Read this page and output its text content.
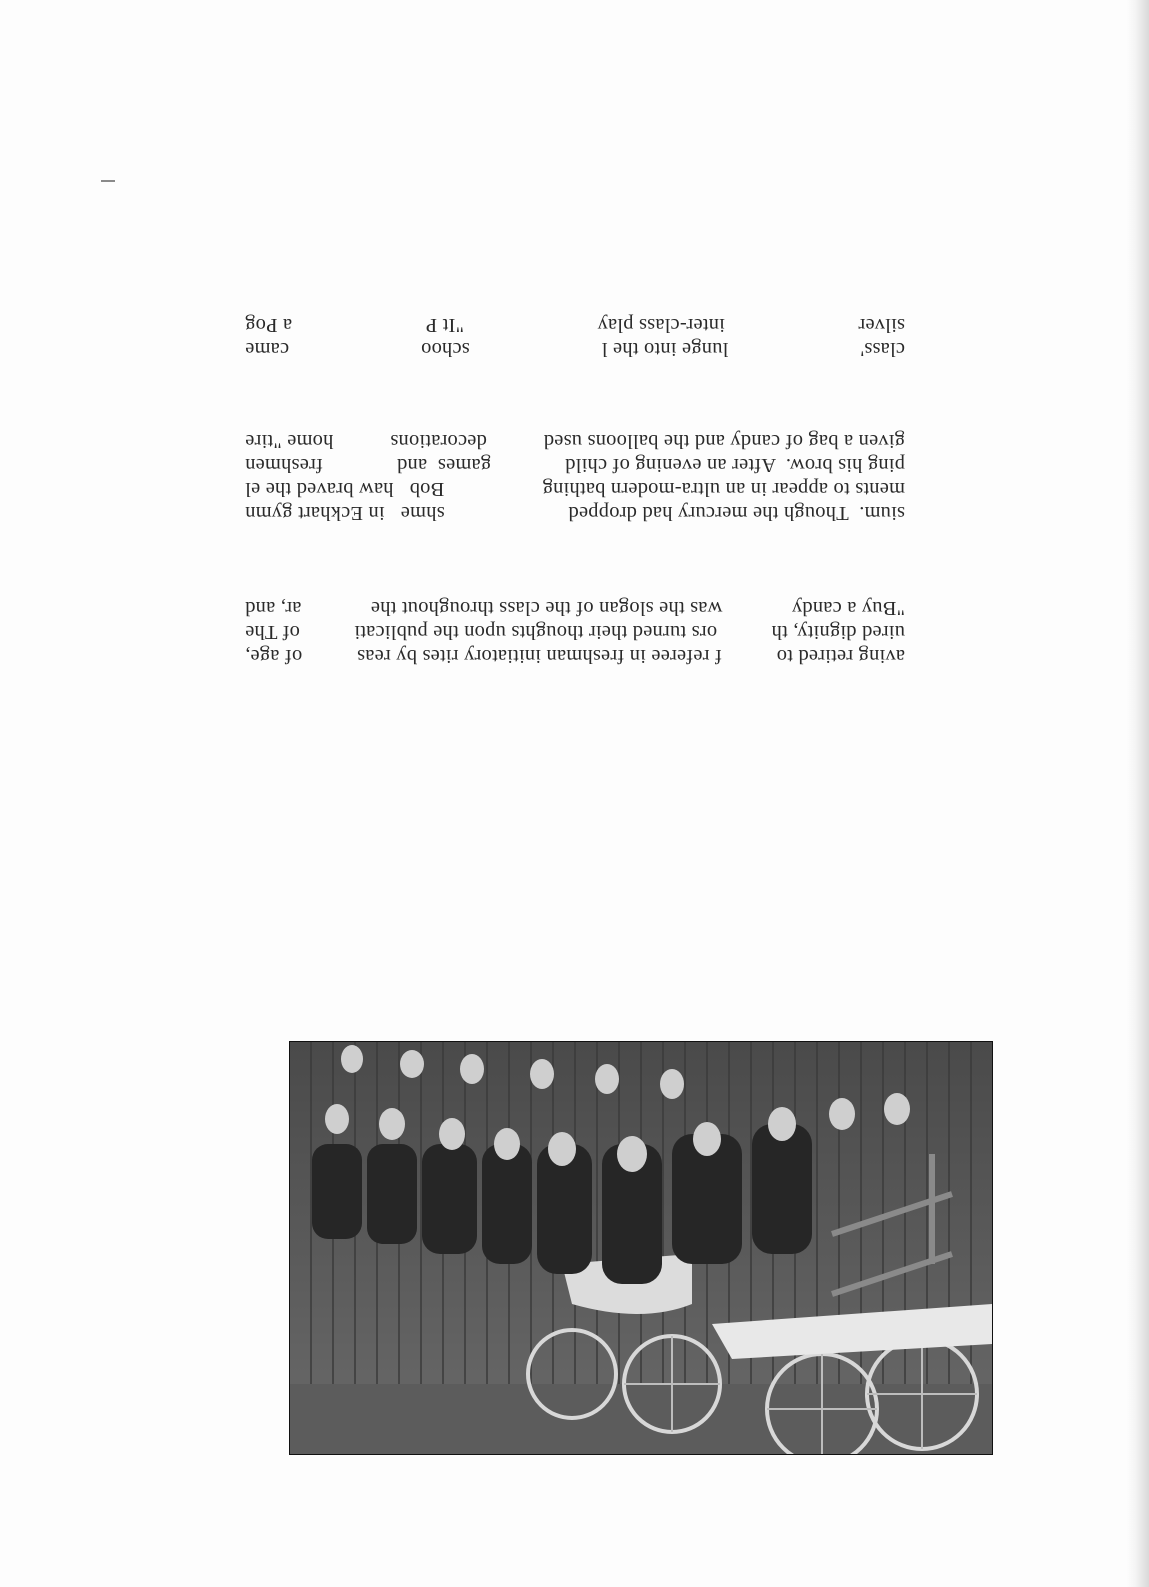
aving retired to
f referee in freshman initiatory rites by reas
of age,
uired dignity, th
ors turned their thoughts upon the publicati
of The
"Buy a candy
was the slogan of the class throughout the
ar, and
sium.  Though the mercury had dropped
shme   in Eckhart gymn
ments to appear in an ultra-modern bathing
Bob   haw braved the el
ping his brow.  After an evening of child
games  and
freshmen
given a bag of candy and the balloons used
decorations
home "tire
class'
lunge into the l
schoo
came
silver
inter-class play
"It P
a Pog
